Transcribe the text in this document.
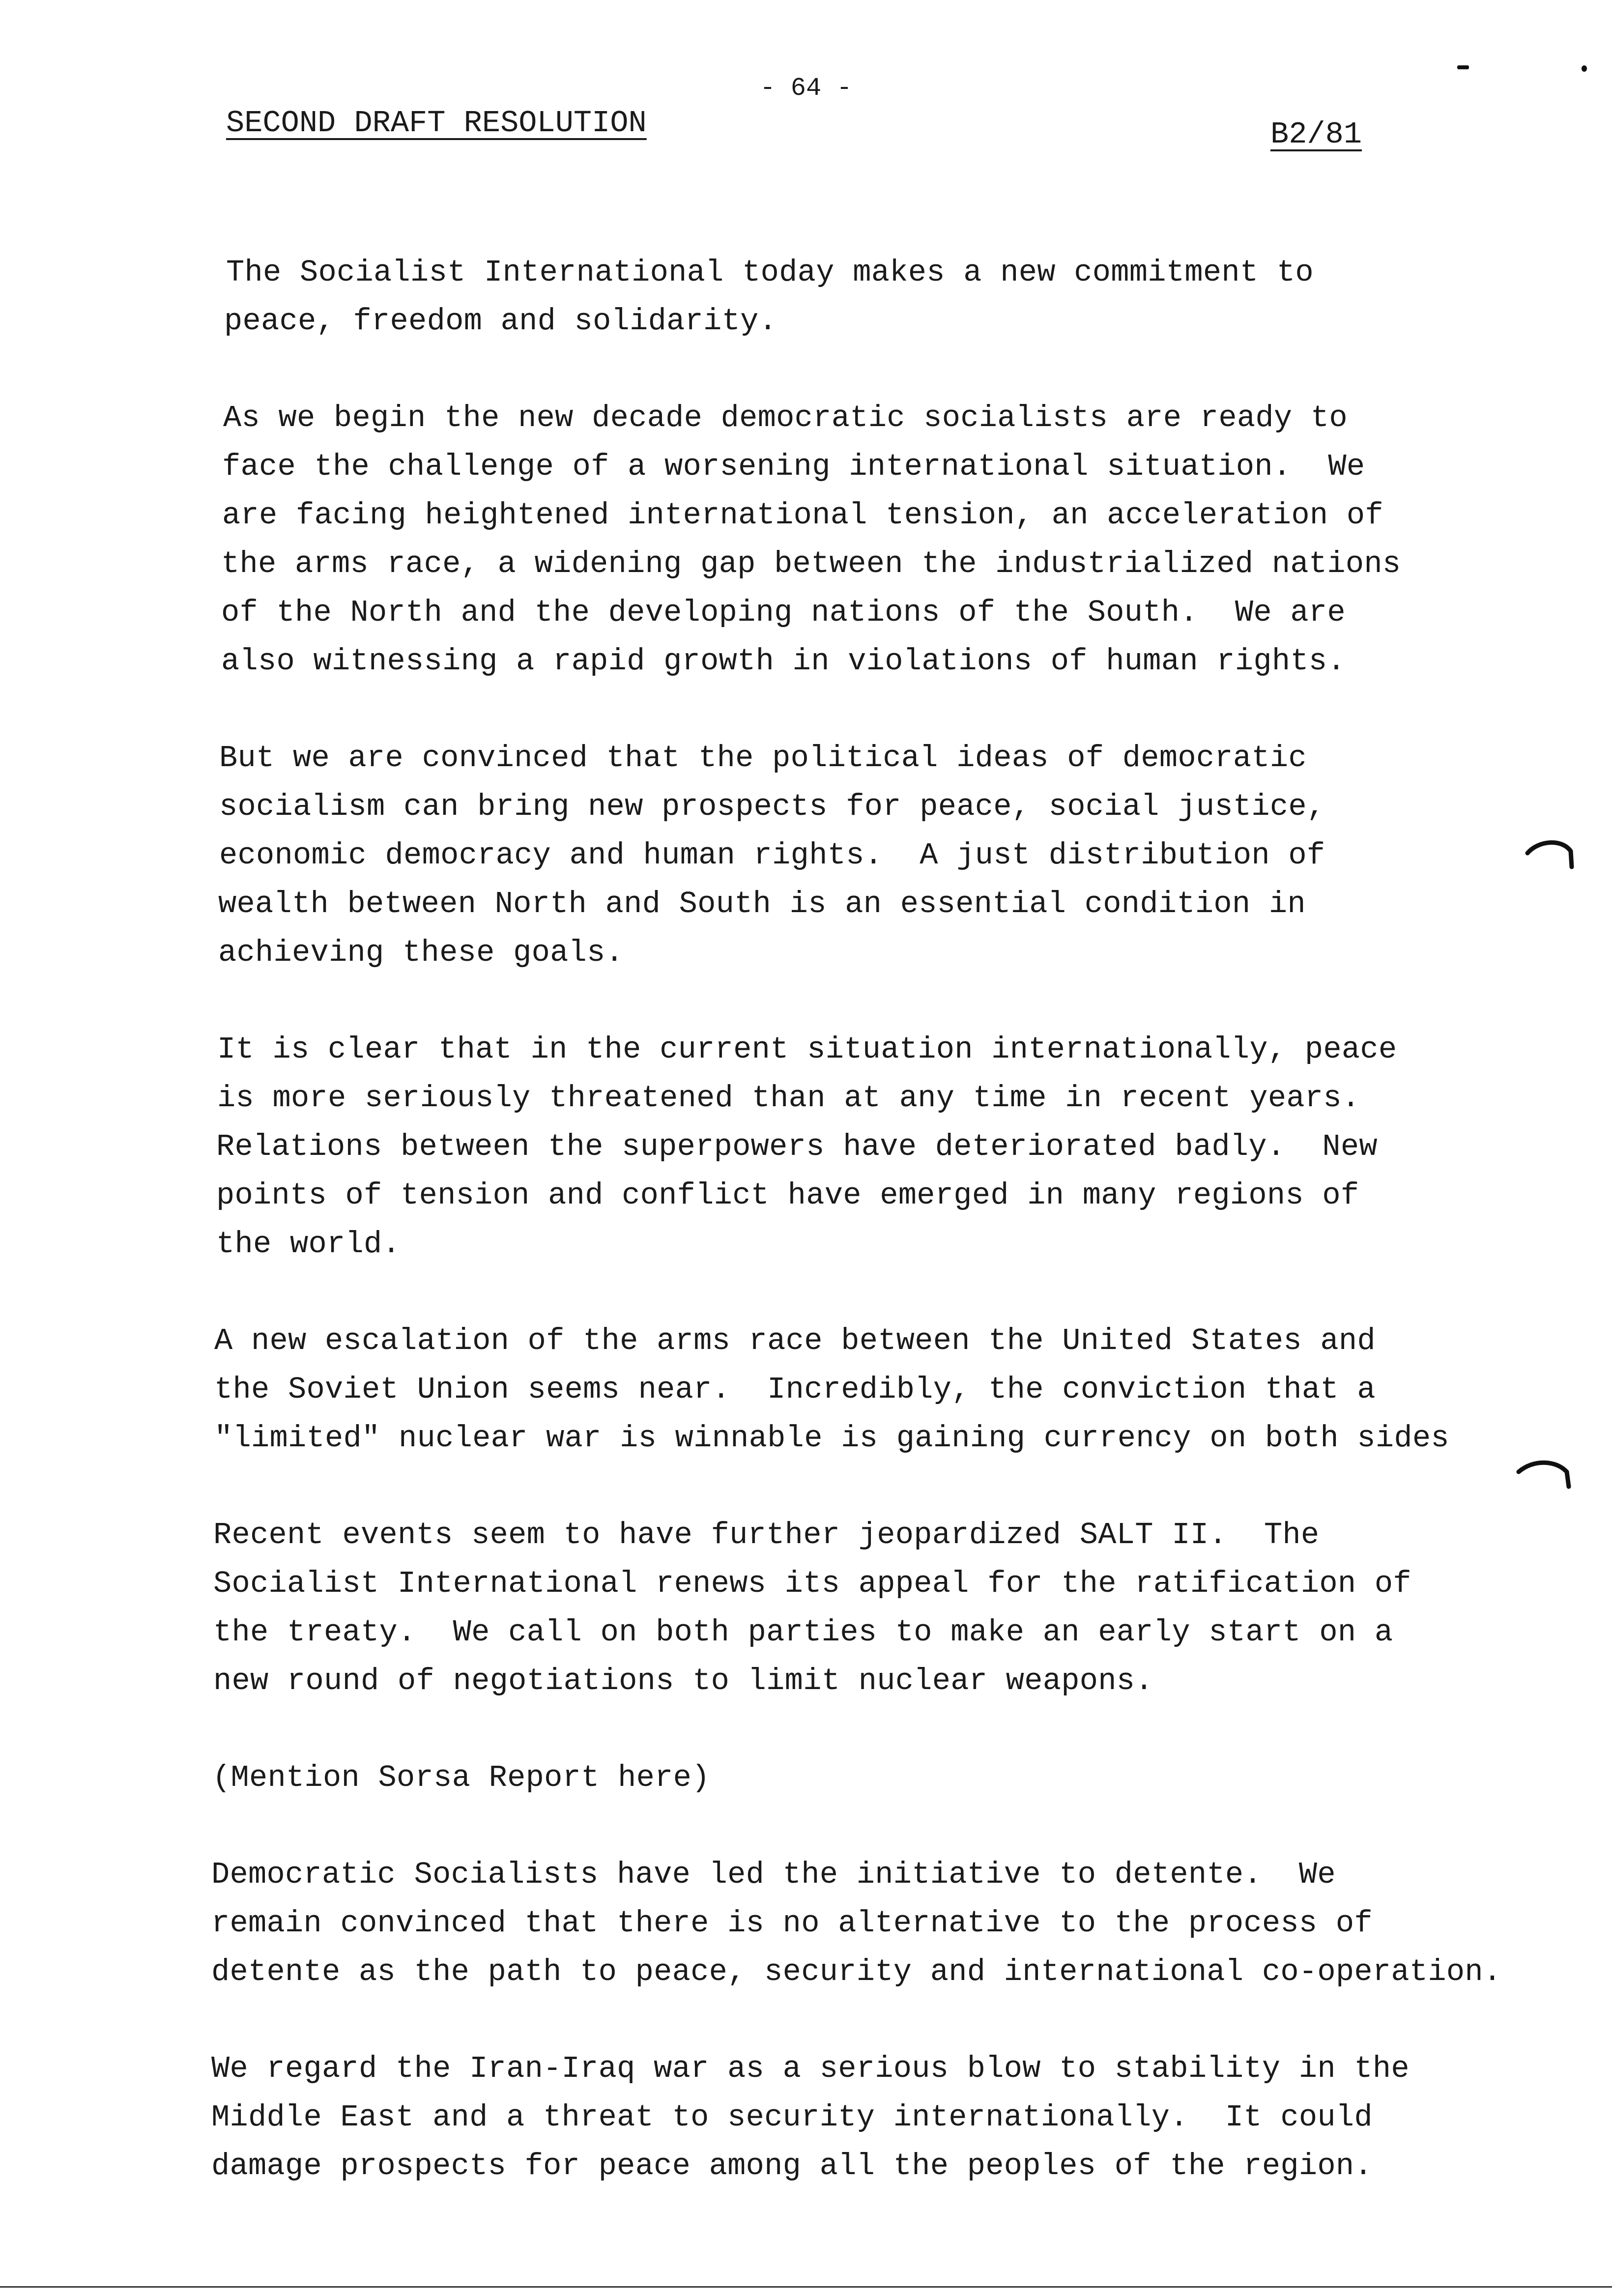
- 64 -
SECOND DRAFT RESOLUTION	B2/81

The Socialist International today makes a new commitment to
peace, freedom and solidarity.

As we begin the new decade democratic socialists are ready to
face the challenge of a worsening international situation.  We
are facing heightened international tension, an acceleration of
the arms race, a widening gap between the industrialized nations
of the North and the developing nations of the South.  We are
also witnessing a rapid growth in violations of human rights.

But we are convinced that the political ideas of democratic
socialism can bring new prospects for peace, social justice,
economic democracy and human rights.  A just distribution of
wealth between North and South is an essential condition in
achieving these goals.

It is clear that in the current situation internationally, peace
is more seriously threatened than at any time in recent years.
Relations between the superpowers have deteriorated badly.  New
points of tension and conflict have emerged in many regions of
the world.

A new escalation of the arms race between the United States and
the Soviet Union seems near.  Incredibly, the conviction that a
"limited" nuclear war is winnable is gaining currency on both sides

Recent events seem to have further jeopardized SALT II.  The
Socialist International renews its appeal for the ratification of
the treaty.  We call on both parties to make an early start on a
new round of negotiations to limit nuclear weapons.

(Mention Sorsa Report here)

Democratic Socialists have led the initiative to detente.  We
remain convinced that there is no alternative to the process of
detente as the path to peace, security and international co-operation.

We regard the Iran-Iraq war as a serious blow to stability in the
Middle East and a threat to security internationally.  It could
damage prospects for peace among all the peoples of the region.
